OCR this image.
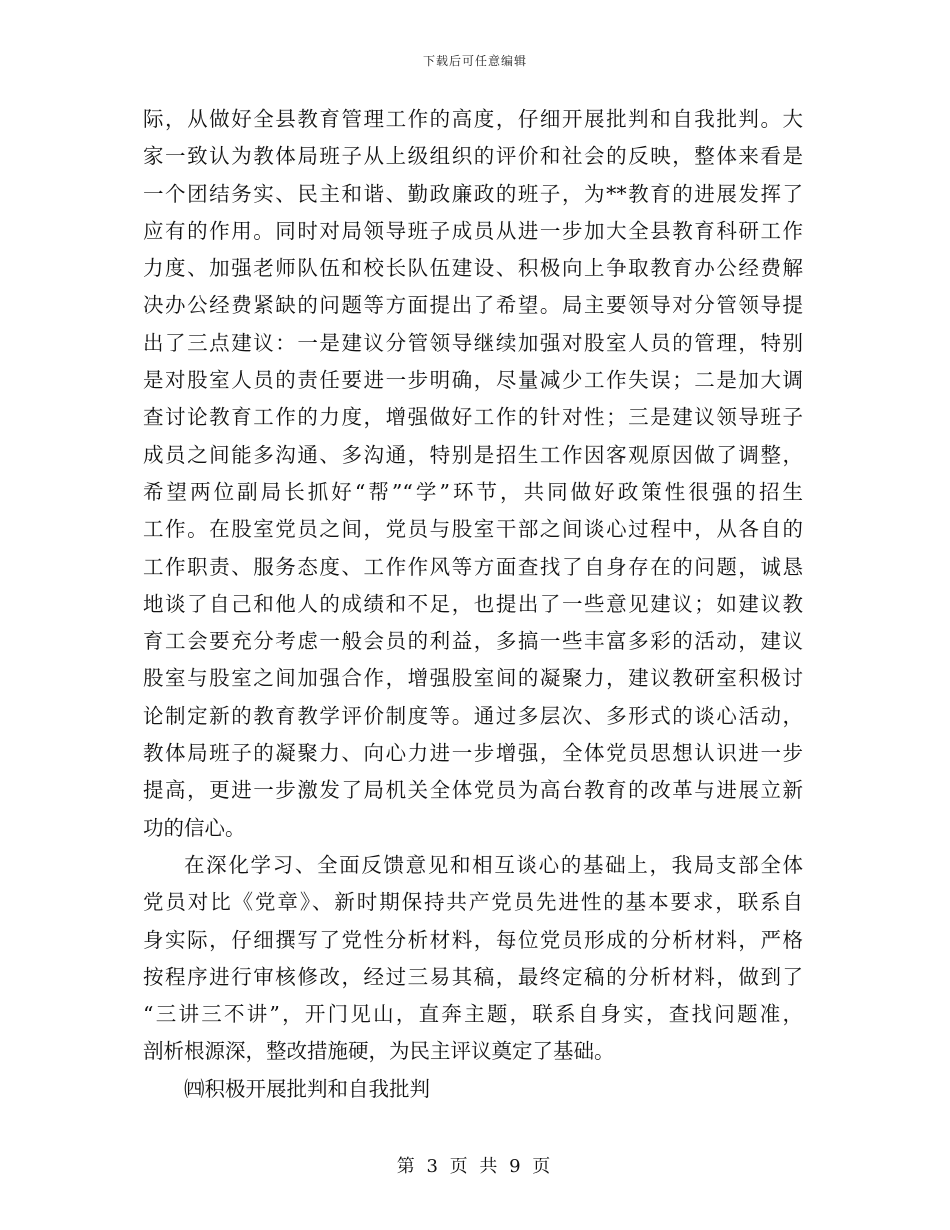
下载后可任意编辑
际，从做好全县教育管理工作的高度，仔细开展批判和自我批判。大
家一致认为教体局班子从上级组织的评价和社会的反映，整体来看是
一个团结务实、民主和谐、勤政廉政的班子，为**教育的进展发挥了
应有的作用。同时对局领导班子成员从进一步加大全县教育科研工作
力度、加强老师队伍和校长队伍建设、积极向上争取教育办公经费解
决办公经费紧缺的问题等方面提出了希望。局主要领导对分管领导提
出了三点建议：一是建议分管领导继续加强对股室人员的管理，特别
是对股室人员的责任要进一步明确，尽量减少工作失误；二是加大调
查讨论教育工作的力度，增强做好工作的针对性；三是建议领导班子
成员之间能多沟通、多沟通，特别是招生工作因客观原因做了调整，
希望两位副局长抓好“帮”“学”环节，共同做好政策性很强的招生
工作。在股室党员之间，党员与股室干部之间谈心过程中，从各自的
工作职责、服务态度、工作作风等方面查找了自身存在的问题，诚恳
地谈了自己和他人的成绩和不足，也提出了一些意见建议；如建议教
育工会要充分考虑一般会员的利益，多搞一些丰富多彩的活动，建议
股室与股室之间加强合作，增强股室间的凝聚力，建议教研室积极讨
论制定新的教育教学评价制度等。通过多层次、多形式的谈心活动，
教体局班子的凝聚力、向心力进一步增强，全体党员思想认识进一步
提高，更进一步激发了局机关全体党员为高台教育的改革与进展立新
功的信心。
在深化学习、全面反馈意见和相互谈心的基础上，我局支部全体
党员对比《党章》、新时期保持共产党员先进性的基本要求，联系自
身实际，仔细撰写了党性分析材料，每位党员形成的分析材料，严格
按程序进行审核修改，经过三易其稿，最终定稿的分析材料，做到了
“三讲三不讲”，开门见山，直奔主题，联系自身实，查找问题准，
剖析根源深，整改措施硬，为民主评议奠定了基础。
㈣积极开展批判和自我批判
第 3 页 共 9 页
